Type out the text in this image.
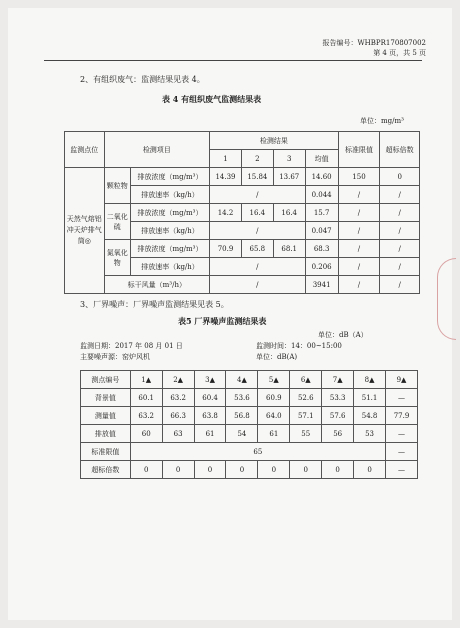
报告编号：WHBPR170807002
第 4 页，共 5 页
2、有组织废气：监测结果见表 4。
表 4 有组织废气监测结果表
单位：mg/m³
监测点位	检测项目		检测结果				标准限值	超标倍数
			1	2	3	均值		
天然气熔铝冲天炉排气筒◎	颗粒物	排放浓度（mg/m³）	14.39	15.84	13.67	14.60	150	0
		排放速率（kg/h）	/			0.044	/	/
	二氧化硫	排放浓度（mg/m³）	14.2	16.4	16.4	15.7	/	/
		排放速率（kg/h）	/			0.047	/	/
	氮氧化物	排放浓度（mg/m³）	70.9	65.8	68.1	68.3	/	/
		排放速率（kg/h）	/			0.206	/	/
	标干风量（m³/h）		/			3941	/	/
3、厂界噪声：厂界噪声监测结果见表 5。
表5 厂界噪声监测结果表
单位：dB（A）
监测日期：2017 年 08 月 01 日	监测时间：14：00~15:00
主要噪声源：窑炉风机	单位：dB(A)
测点编号	1▲	2▲	3▲	4▲	5▲	6▲	7▲	8▲	9▲
背景值	60.1	63.2	60.4	53.6	60.9	52.6	53.3	51.1	—
测量值	63.2	66.3	63.8	56.8	64.0	57.1	57.6	54.8	77.9
排放值	60	63	61	54	61	55	56	53	—
标准限值	65								—
超标倍数	0	0	0	0	0	0	0	0	—
